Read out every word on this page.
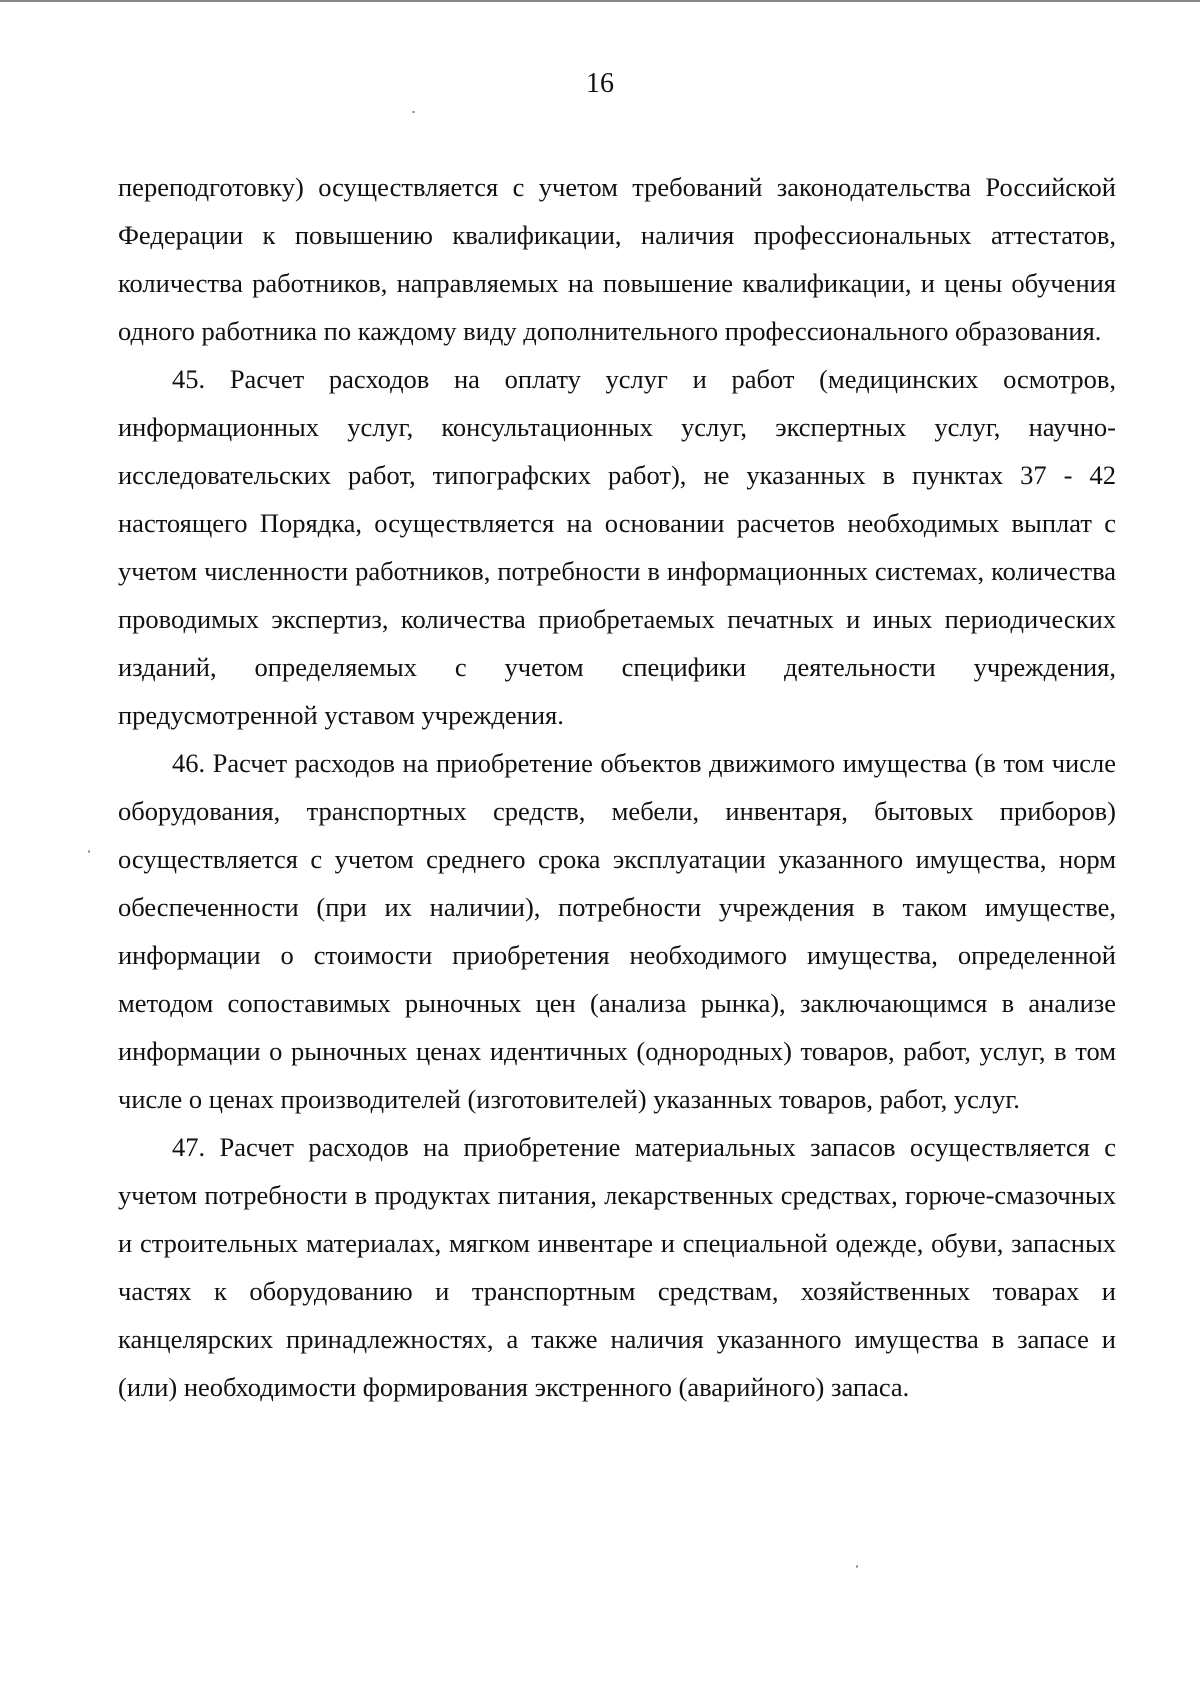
16

переподготовку) осуществляется с учетом требований законодательства Российской Федерации к повышению квалификации, наличия профессиональных аттестатов, количества работников, направляемых на повышение квалификации, и цены обучения одного работника по каждому виду дополнительного профессионального образования.

45. Расчет расходов на оплату услуг и работ (медицинских осмотров, информационных услуг, консультационных услуг, экспертных услуг, научно-исследовательских работ, типографских работ), не указанных в пунктах 37 - 42 настоящего Порядка, осуществляется на основании расчетов необходимых выплат с учетом численности работников, потребности в информационных системах, количества проводимых экспертиз, количества приобретаемых печатных и иных периодических изданий, определяемых с учетом специфики деятельности учреждения, предусмотренной уставом учреждения.

46. Расчет расходов на приобретение объектов движимого имущества (в том числе оборудования, транспортных средств, мебели, инвентаря, бытовых приборов) осуществляется с учетом среднего срока эксплуатации указанного имущества, норм обеспеченности (при их наличии), потребности учреждения в таком имуществе, информации о стоимости приобретения необходимого имущества, определенной методом сопоставимых рыночных цен (анализа рынка), заключающимся в анализе информации о рыночных ценах идентичных (однородных) товаров, работ, услуг, в том числе о ценах производителей (изготовителей) указанных товаров, работ, услуг.

47. Расчет расходов на приобретение материальных запасов осуществляется с учетом потребности в продуктах питания, лекарственных средствах, горюче-смазочных и строительных материалах, мягком инвентаре и специальной одежде, обуви, запасных частях к оборудованию и транспортным средствам, хозяйственных товарах и канцелярских принадлежностях, а также наличия указанного имущества в запасе и (или) необходимости формирования экстренного (аварийного) запаса.
